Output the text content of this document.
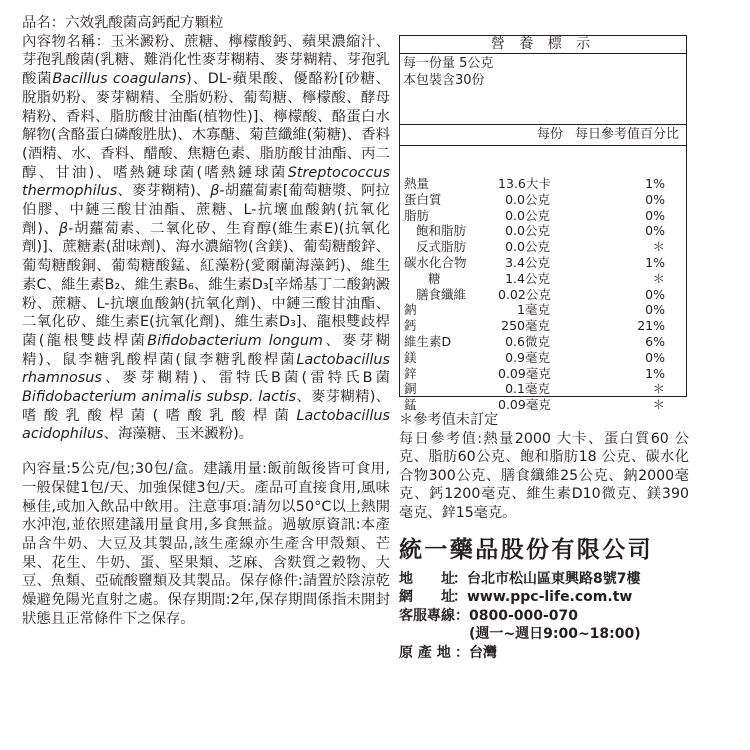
品名：六效乳酸菌高鈣配方顆粒

內容物名稱：玉米澱粉、蔗糖、檸檬酸鈣、蘋果濃縮汁、芽孢乳酸菌(乳糖、難消化性麥芽糊精、麥芽糊精、芽孢乳酸菌Bacillus coagulans)、DL-蘋果酸、優酪粉[砂糖、脫脂奶粉、麥芽糊精、全脂奶粉、葡萄糖、檸檬酸、酵母精粉、香料、脂肪酸甘油酯(植物性)]、檸檬酸、酪蛋白水解物(含酪蛋白磷酸胜肽)、木寡醣、菊苣纖維(菊糖)、香料(酒精、水、香料、醋酸、焦糖色素、脂肪酸甘油酯、丙二醇、甘油)、嗜熱鏈球菌(嗜熱鏈球菌Streptococcus thermophilus、麥芽糊精)、β-胡蘿蔔素[葡萄糖漿、阿拉伯膠、中鏈三酸甘油酯、蔗糖、L-抗壞血酸鈉(抗氧化劑)、β-胡蘿蔔素、二氧化矽、生育醇(維生素E)(抗氧化劑)]、蔗糖素(甜味劑)、海水濃縮物(含鎂)、葡萄糖酸鋅、葡萄糖酸銅、葡萄糖酸錳、紅藻粉(愛爾蘭海藻鈣)、維生素C、維生素B₂、維生素B₆、維生素D₃[辛烯基丁二酸鈉澱粉、蔗糖、L-抗壞血酸鈉(抗氧化劑)、中鏈三酸甘油酯、二氧化矽、維生素E(抗氧化劑)、維生素D₃]、龍根雙歧桿菌(龍根雙歧桿菌Bifidobacterium longum、麥芽糊精)、鼠李糖乳酸桿菌(鼠李糖乳酸桿菌Lactobacillus rhamnosus、麥芽糊精)、雷特氏B菌(雷特氏B菌Bifidobacterium animalis subsp. lactis、麥芽糊精)、嗜酸乳酸桿菌(嗜酸乳酸桿菌Lactobacillus acidophilus、海藻糖、玉米澱粉)。

內容量:5公克/包;30包/盒。建議用量:飯前飯後皆可食用,一般保健1包/天、加強保健3包/天。產品可直接食用,風味極佳,或加入飲品中飲用。注意事項:請勿以50°C以上熱開水沖泡,並依照建議用量食用,多食無益。過敏原資訊:本產品含牛奶、大豆及其製品,該生產線亦生產含甲殼類、芒果、花生、牛奶、蛋、堅果類、芝麻、含麩質之穀物、大豆、魚類、亞硫酸鹽類及其製品。保存條件:請置於陰涼乾燥避免陽光直射之處。保存期間:2年,保存期間係指未開封狀態且正常條件下之保存。

營 養 標 示
每一份量 5公克
本包裝含30份
每份 每日參考值百分比
熱量	13.6大卡	1%
蛋白質	0.0公克	0%
脂肪	0.0公克	0%
飽和脂肪	0.0公克	0%
反式脂肪	0.0公克	＊
碳水化合物	3.4公克	1%
糖	1.4公克	＊
膳食纖維	0.02公克	0%
鈉	1毫克	0%
鈣	250毫克	21%
維生素D	0.6微克	6%
鎂	0.9毫克	0%
鋅	0.09毫克	1%
銅	0.1毫克	＊
錳	0.09毫克	＊

＊參考值未訂定

每日參考值:熱量2000 大卡、蛋白質60 公克、脂肪60公克、飽和脂肪18 公克、碳水化合物300公克、膳食纖維25公克、鈉2000毫克、鈣1200毫克、維生素D10微克、鎂390毫克、鋅15毫克。

統一藥品股份有限公司
地　　址
：台北市松山區東興路8號7樓
網　　址
：www.ppc-life.com.tw
客服專線 ：0800-000-070
(週一~週日9:00~18:00)
原 產 地 ：台灣
